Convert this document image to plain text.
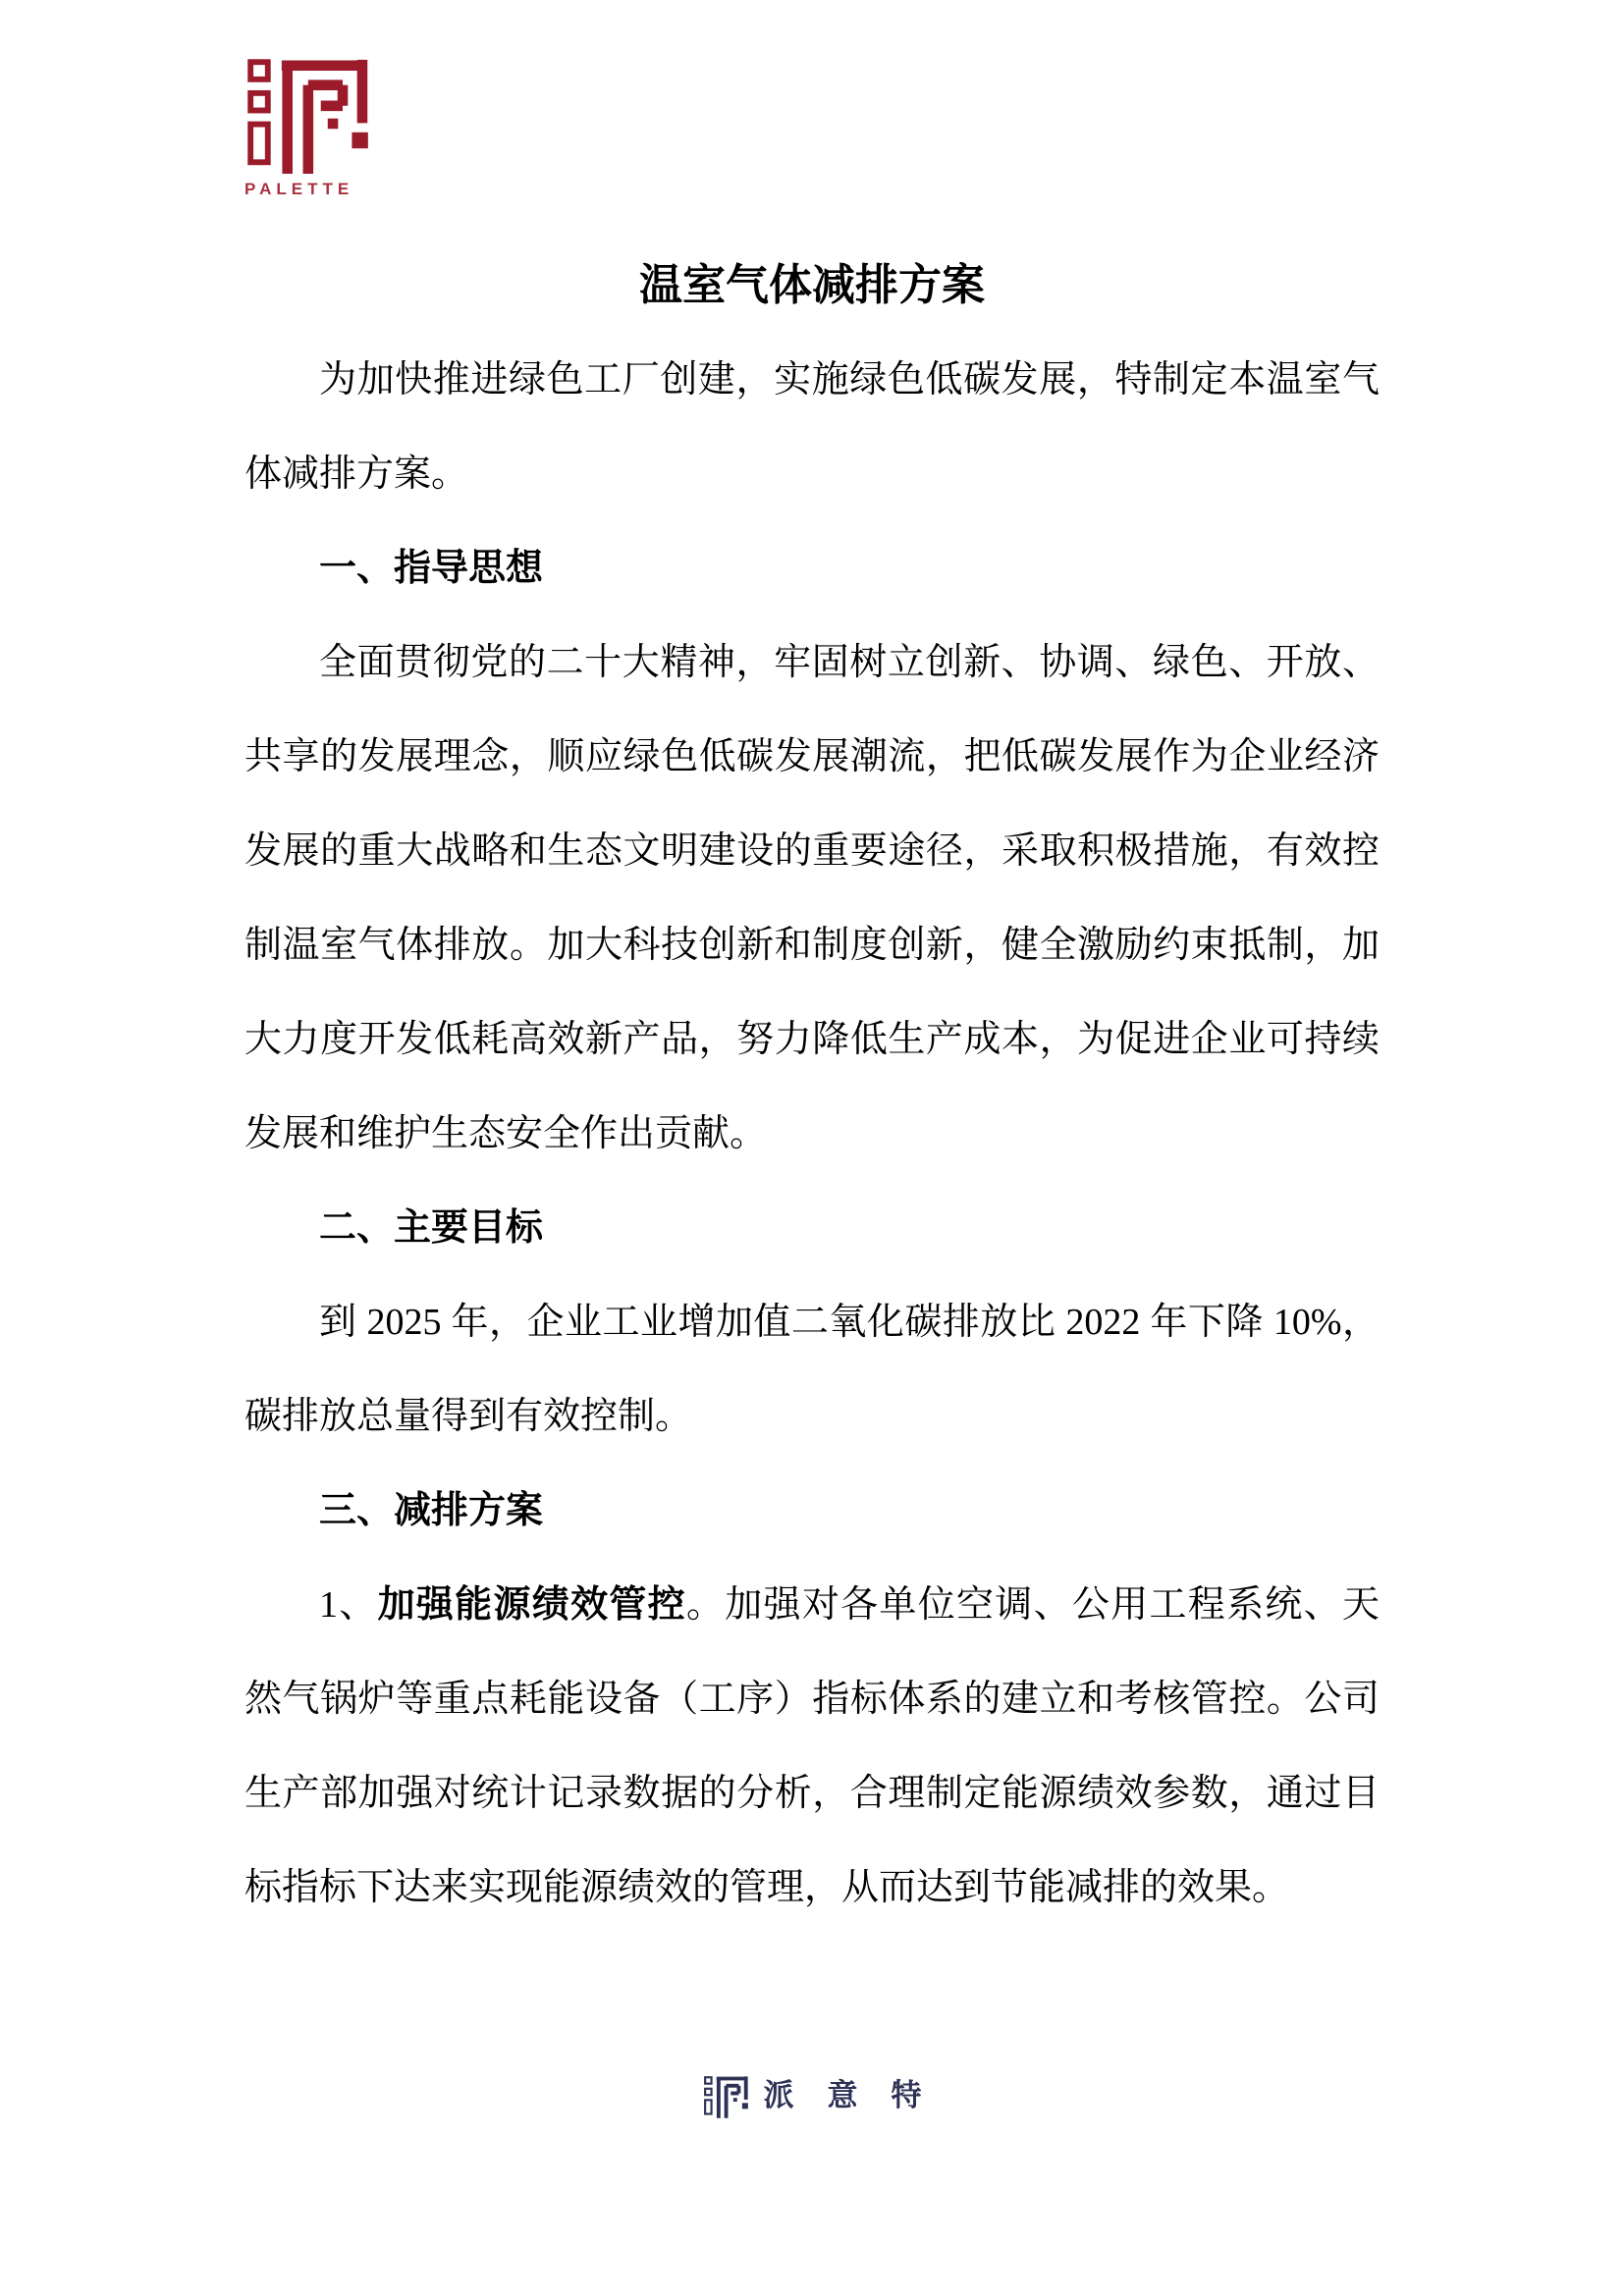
PALETTE
温室气体减排方案

为加快推进绿色工厂创建，实施绿色低碳发展，特制定本温室气体减排方案。

一、指导思想

全面贯彻党的二十大精神，牢固树立创新、协调、绿色、开放、共享的发展理念，顺应绿色低碳发展潮流，把低碳发展作为企业经济发展的重大战略和生态文明建设的重要途径，采取积极措施，有效控制温室气体排放。加大科技创新和制度创新，健全激励约束抵制，加大力度开发低耗高效新产品，努力降低生产成本，为促进企业可持续发展和维护生态安全作出贡献。

二、主要目标

到 2025 年，企业工业增加值二氧化碳排放比 2022 年下降 10%，碳排放总量得到有效控制。

三、减排方案

1、加强能源绩效管控。加强对各单位空调、公用工程系统、天然气锅炉等重点耗能设备（工序）指标体系的建立和考核管控。公司生产部加强对统计记录数据的分析，合理制定能源绩效参数，通过目标指标下达来实现能源绩效的管理，从而达到节能减排的效果。

派意特
